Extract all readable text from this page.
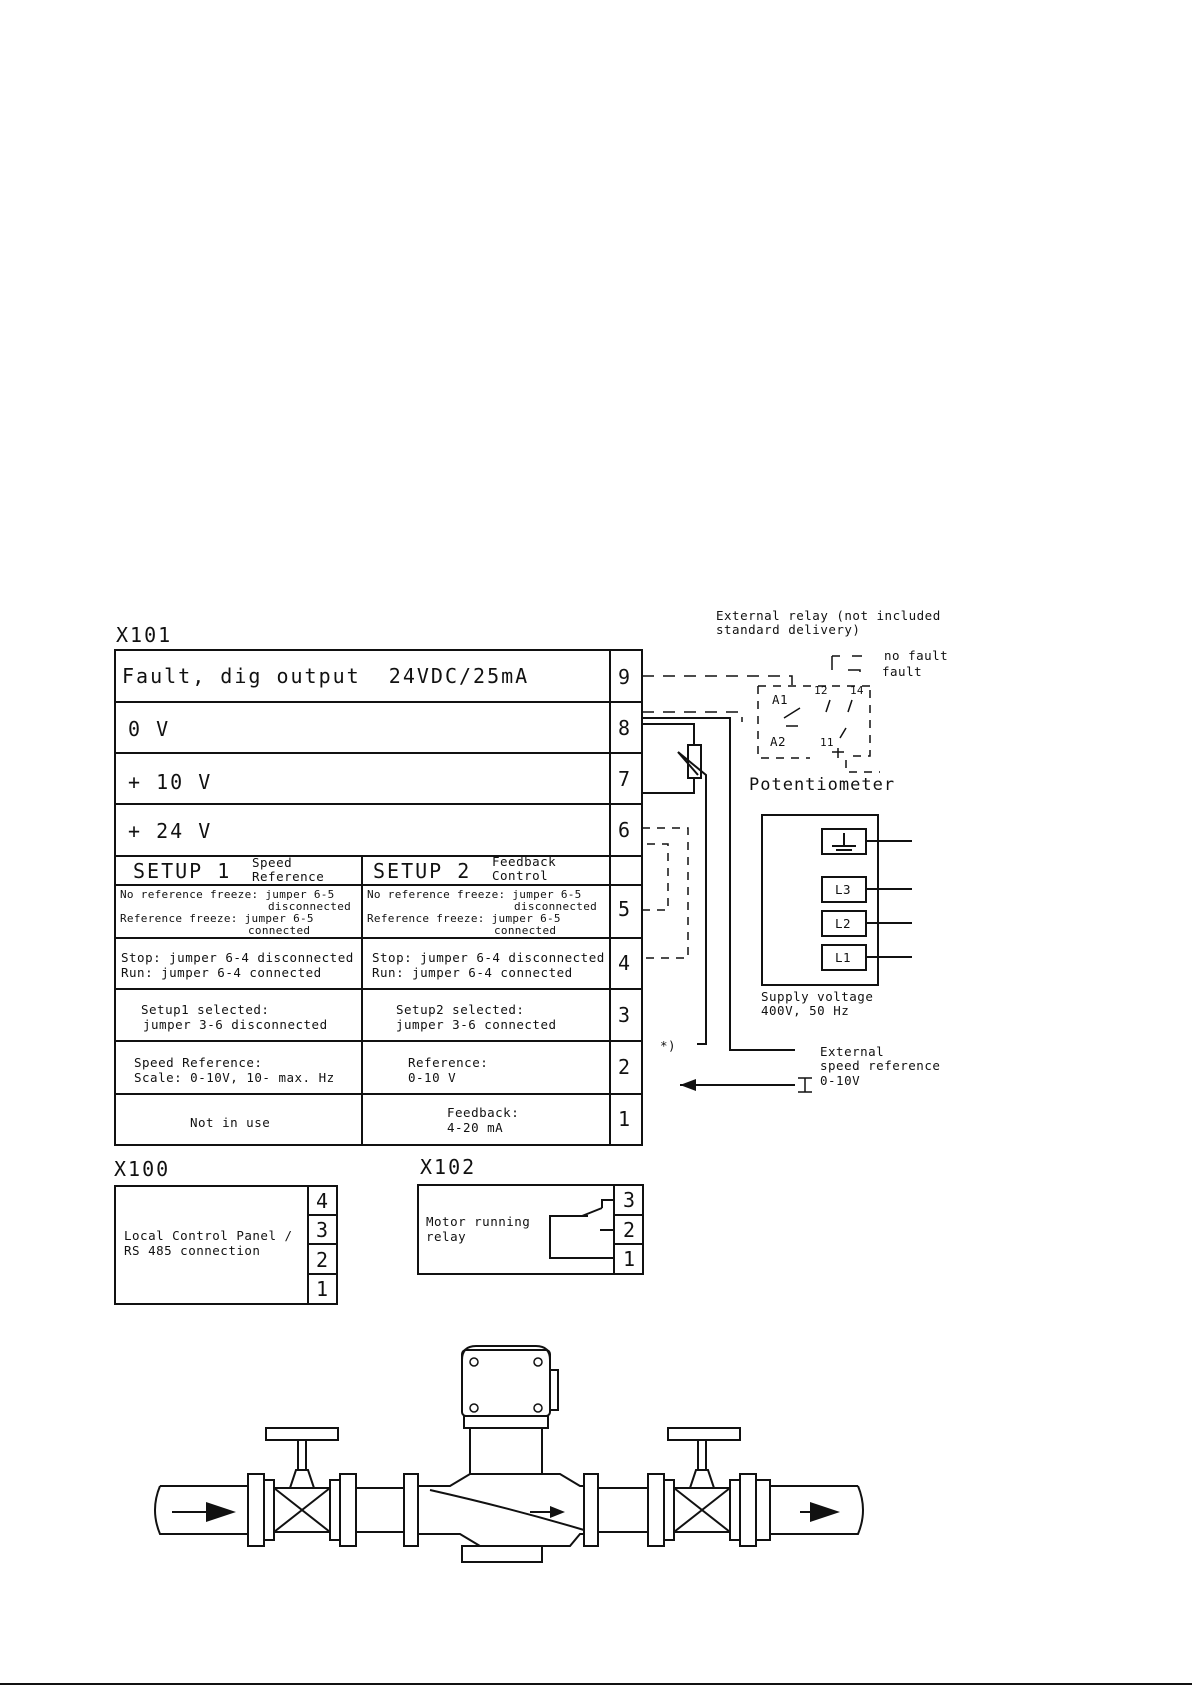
X101
Fault, dig output  24VDC/25mA
0 V
+ 10 V
+ 24 V
SETUP 1 Speed
Reference SETUP 2 Feedback
Control
No reference freeze: jumper 6-5
disconnected
Reference freeze: jumper 6-5
connected
No reference freeze: jumper 6-5
disconnected
Reference freeze: jumper 6-5
connected
Stop: jumper 6-4 disconnected
Run: jumper 6-4 connected
Stop: jumper 6-4 disconnected
Run: jumper 6-4 connected
Setup1 selected:
jumper 3-6 disconnected
Setup2 selected:
jumper 3-6 connected
Speed Reference:
Scale: 0-10V, 10- max. Hz
Reference:
0-10 V
Not in use
Feedback:
4-20 mA
9
8
7
6
5
4
3
2
1
*)	External
speed reference
0-10V
External relay (not included
standard delivery)
no fault
fault
A1
A2
12 14
11
Potentiometer
L3
L2
L1
Supply voltage
400V, 50 Hz
X100
Local Control Panel /
RS 485 connection
4
3
2
1
X102
Motor running
relay
3
2
1
